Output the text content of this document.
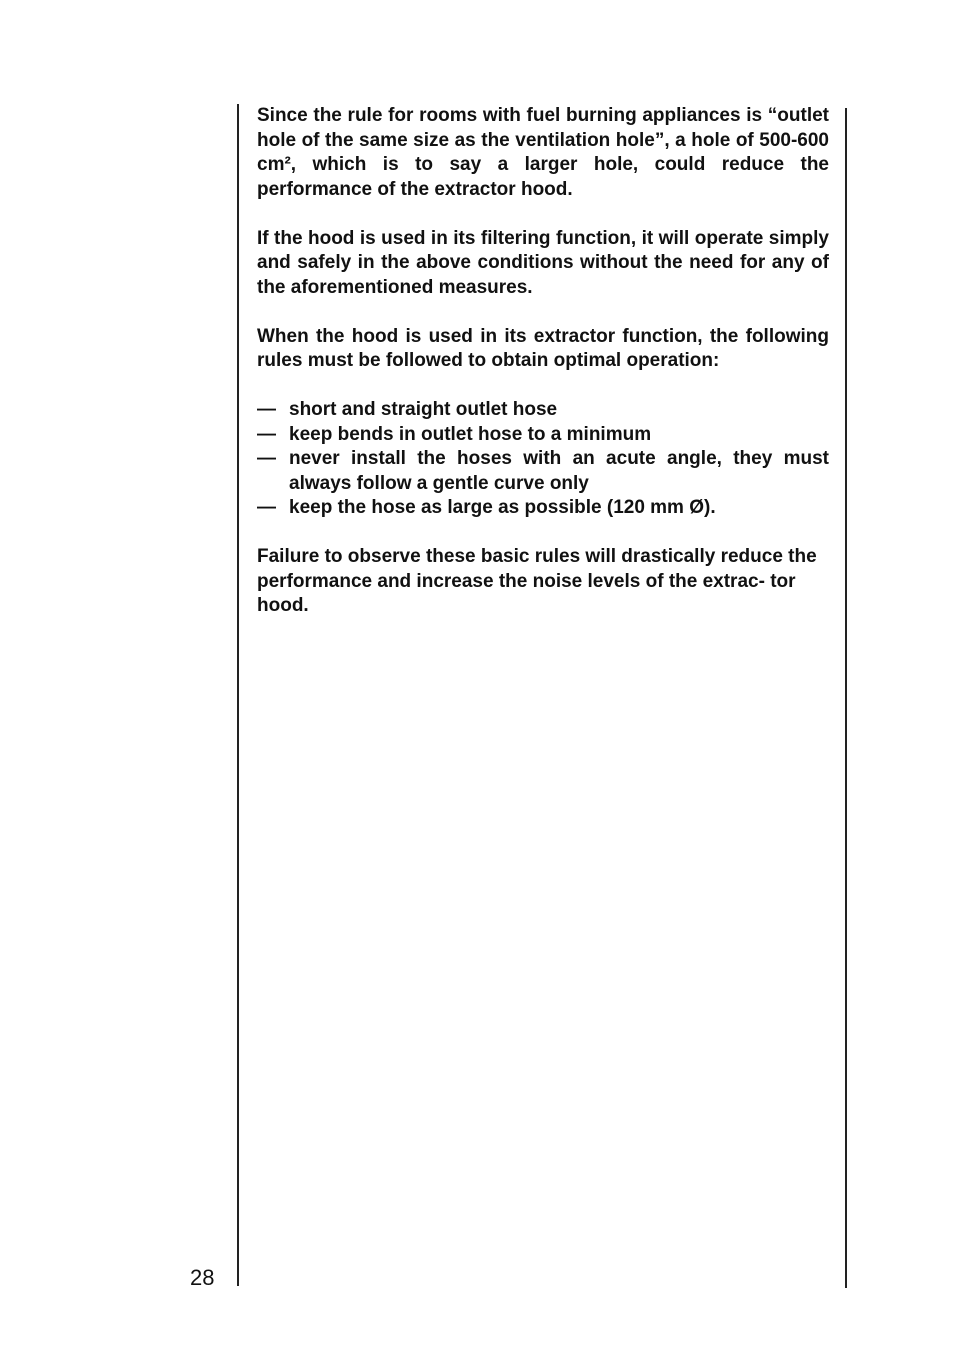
Since the rule for rooms with fuel burning appliances is “outlet hole of the same size as the ventilation hole”, a hole of 500-600 cm², which is to say a larger hole, could reduce the performance of the extractor hood.

If the hood is used in its filtering function, it will operate simply and safely in the above conditions without the need for any of the aforementioned measures.

When the hood is used in its extractor function, the following rules must be followed to obtain optimal operation:

— short and straight outlet hose
— keep bends in outlet hose to a minimum
— never install the hoses with an acute angle, they must always follow a gentle curve only
— keep the hose as large as possible (120 mm Ø).

Failure to observe these basic rules will drastically reduce the performance and increase the noise levels of the extrac- tor hood.

28
